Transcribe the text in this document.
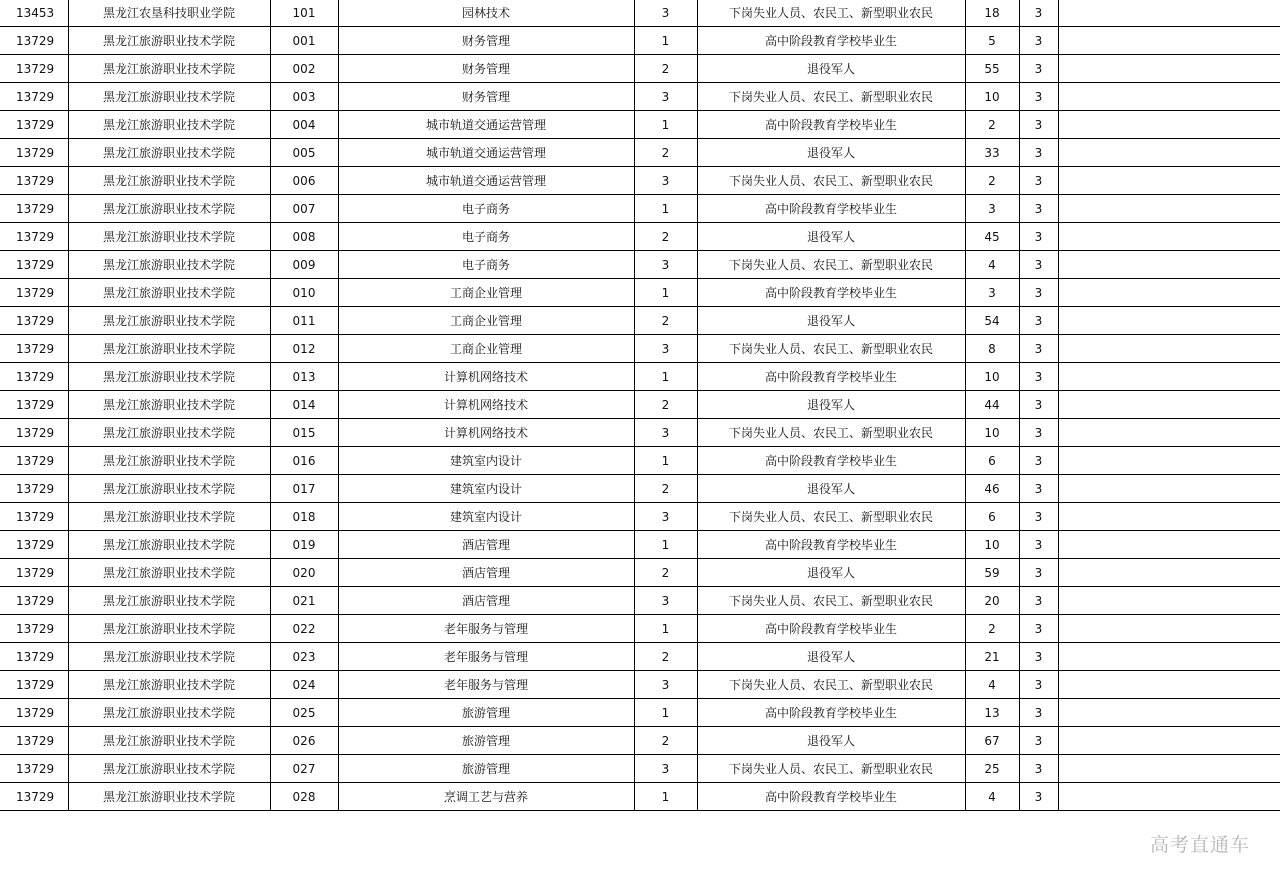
13453	黑龙江农垦科技职业学院	101	园林技术	3	下岗失业人员、农民工、新型职业农民	18	3	
13729	黑龙江旅游职业技术学院	001	财务管理	1	高中阶段教育学校毕业生	5	3	
13729	黑龙江旅游职业技术学院	002	财务管理	2	退役军人	55	3	
13729	黑龙江旅游职业技术学院	003	财务管理	3	下岗失业人员、农民工、新型职业农民	10	3	
13729	黑龙江旅游职业技术学院	004	城市轨道交通运营管理	1	高中阶段教育学校毕业生	2	3	
13729	黑龙江旅游职业技术学院	005	城市轨道交通运营管理	2	退役军人	33	3	
13729	黑龙江旅游职业技术学院	006	城市轨道交通运营管理	3	下岗失业人员、农民工、新型职业农民	2	3	
13729	黑龙江旅游职业技术学院	007	电子商务	1	高中阶段教育学校毕业生	3	3	
13729	黑龙江旅游职业技术学院	008	电子商务	2	退役军人	45	3	
13729	黑龙江旅游职业技术学院	009	电子商务	3	下岗失业人员、农民工、新型职业农民	4	3	
13729	黑龙江旅游职业技术学院	010	工商企业管理	1	高中阶段教育学校毕业生	3	3	
13729	黑龙江旅游职业技术学院	011	工商企业管理	2	退役军人	54	3	
13729	黑龙江旅游职业技术学院	012	工商企业管理	3	下岗失业人员、农民工、新型职业农民	8	3	
13729	黑龙江旅游职业技术学院	013	计算机网络技术	1	高中阶段教育学校毕业生	10	3	
13729	黑龙江旅游职业技术学院	014	计算机网络技术	2	退役军人	44	3	
13729	黑龙江旅游职业技术学院	015	计算机网络技术	3	下岗失业人员、农民工、新型职业农民	10	3	
13729	黑龙江旅游职业技术学院	016	建筑室内设计	1	高中阶段教育学校毕业生	6	3	
13729	黑龙江旅游职业技术学院	017	建筑室内设计	2	退役军人	46	3	
13729	黑龙江旅游职业技术学院	018	建筑室内设计	3	下岗失业人员、农民工、新型职业农民	6	3	
13729	黑龙江旅游职业技术学院	019	酒店管理	1	高中阶段教育学校毕业生	10	3	
13729	黑龙江旅游职业技术学院	020	酒店管理	2	退役军人	59	3	
13729	黑龙江旅游职业技术学院	021	酒店管理	3	下岗失业人员、农民工、新型职业农民	20	3	
13729	黑龙江旅游职业技术学院	022	老年服务与管理	1	高中阶段教育学校毕业生	2	3	
13729	黑龙江旅游职业技术学院	023	老年服务与管理	2	退役军人	21	3	
13729	黑龙江旅游职业技术学院	024	老年服务与管理	3	下岗失业人员、农民工、新型职业农民	4	3	
13729	黑龙江旅游职业技术学院	025	旅游管理	1	高中阶段教育学校毕业生	13	3	
13729	黑龙江旅游职业技术学院	026	旅游管理	2	退役军人	67	3	
13729	黑龙江旅游职业技术学院	027	旅游管理	3	下岗失业人员、农民工、新型职业农民	25	3	
13729	黑龙江旅游职业技术学院	028	烹调工艺与营养	1	高中阶段教育学校毕业生	4	3	
高考直通车
